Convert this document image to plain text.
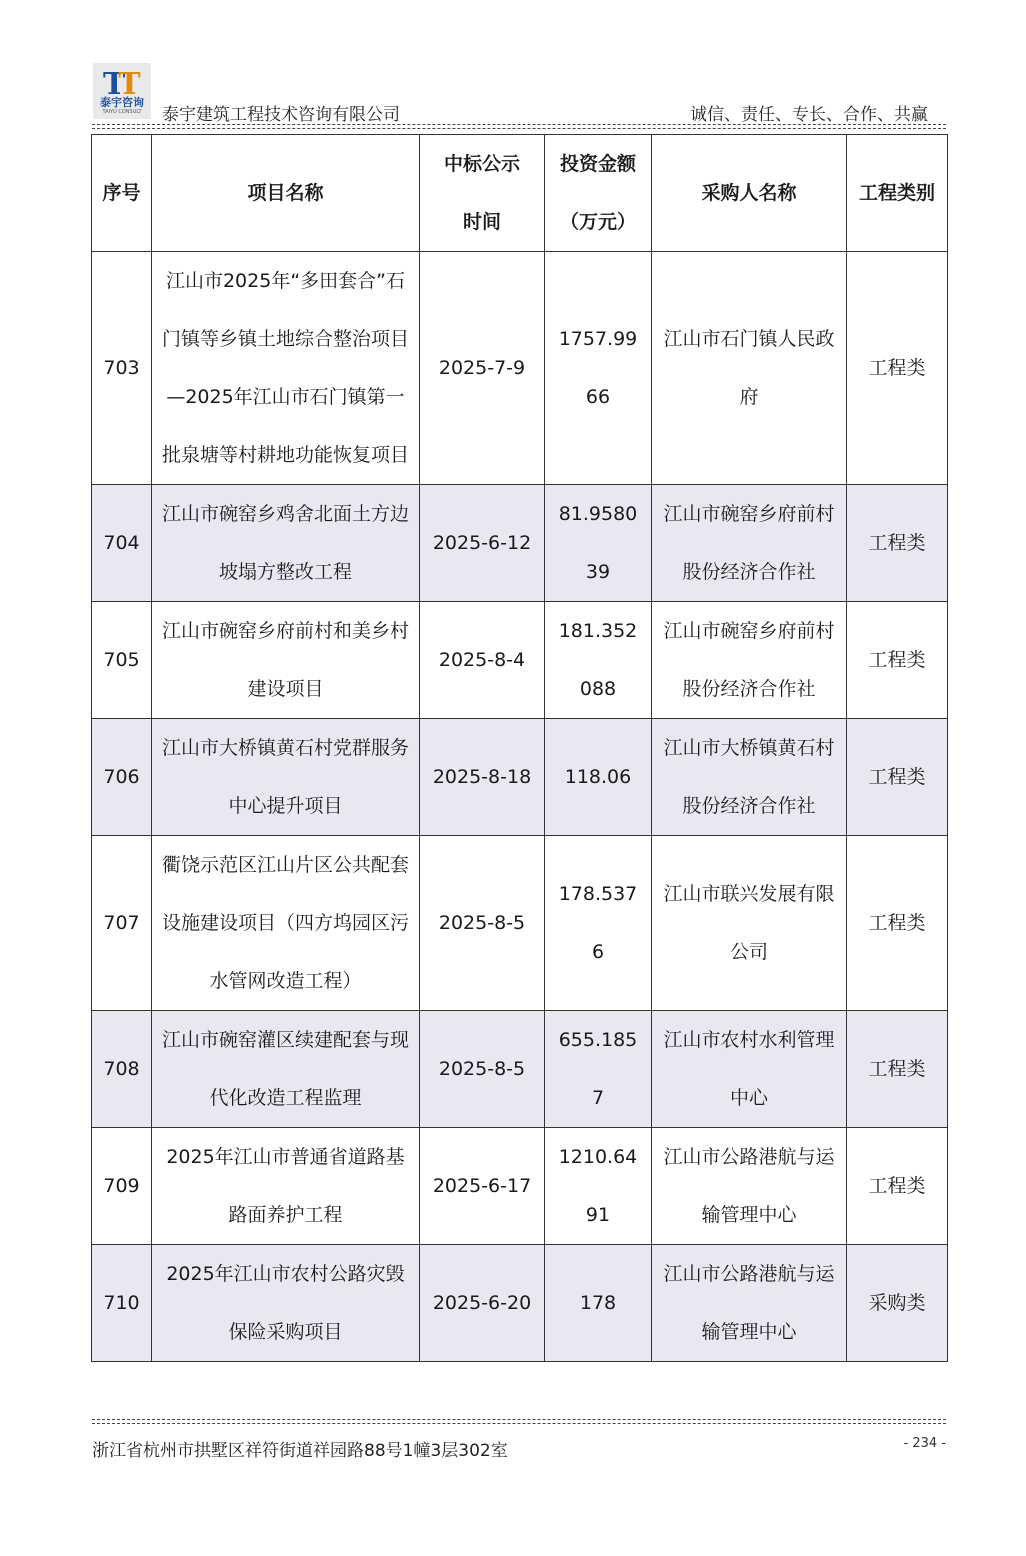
TT
泰宇咨询
TAIYU CONSULT	泰宇建筑工程技术咨询有限公司	诚信、责任、专长、合作、共赢
序号	项目名称	中标公示时间	投资金额（万元）	采购人名称	工程类别
703	江山市2025年“多田套合”石门镇等乡镇土地综合整治项目—2025年江山市石门镇第一批泉塘等村耕地功能恢复项目	2025-7-9	1757.9966	江山市石门镇人民政府	工程类
704	江山市碗窑乡鸡舍北面土方边坡塌方整改工程	2025-6-12	81.958039	江山市碗窑乡府前村股份经济合作社	工程类
705	江山市碗窑乡府前村和美乡村建设项目	2025-8-4	181.352088	江山市碗窑乡府前村股份经济合作社	工程类
706	江山市大桥镇黄石村党群服务中心提升项目	2025-8-18	118.06	江山市大桥镇黄石村股份经济合作社	工程类
707	衢饶示范区江山片区公共配套设施建设项目（四方坞园区污水管网改造工程）	2025-8-5	178.5376	江山市联兴发展有限公司	工程类
708	江山市碗窑灌区续建配套与现代化改造工程监理	2025-8-5	655.1857	江山市农村水利管理中心	工程类
709	2025年江山市普通省道路基路面养护工程	2025-6-17	1210.6491	江山市公路港航与运输管理中心	工程类
710	2025年江山市农村公路灾毁保险采购项目	2025-6-20	178	江山市公路港航与运输管理中心	采购类
浙江省杭州市拱墅区祥符街道祥园路88号1幢3层302室	- 234 -
